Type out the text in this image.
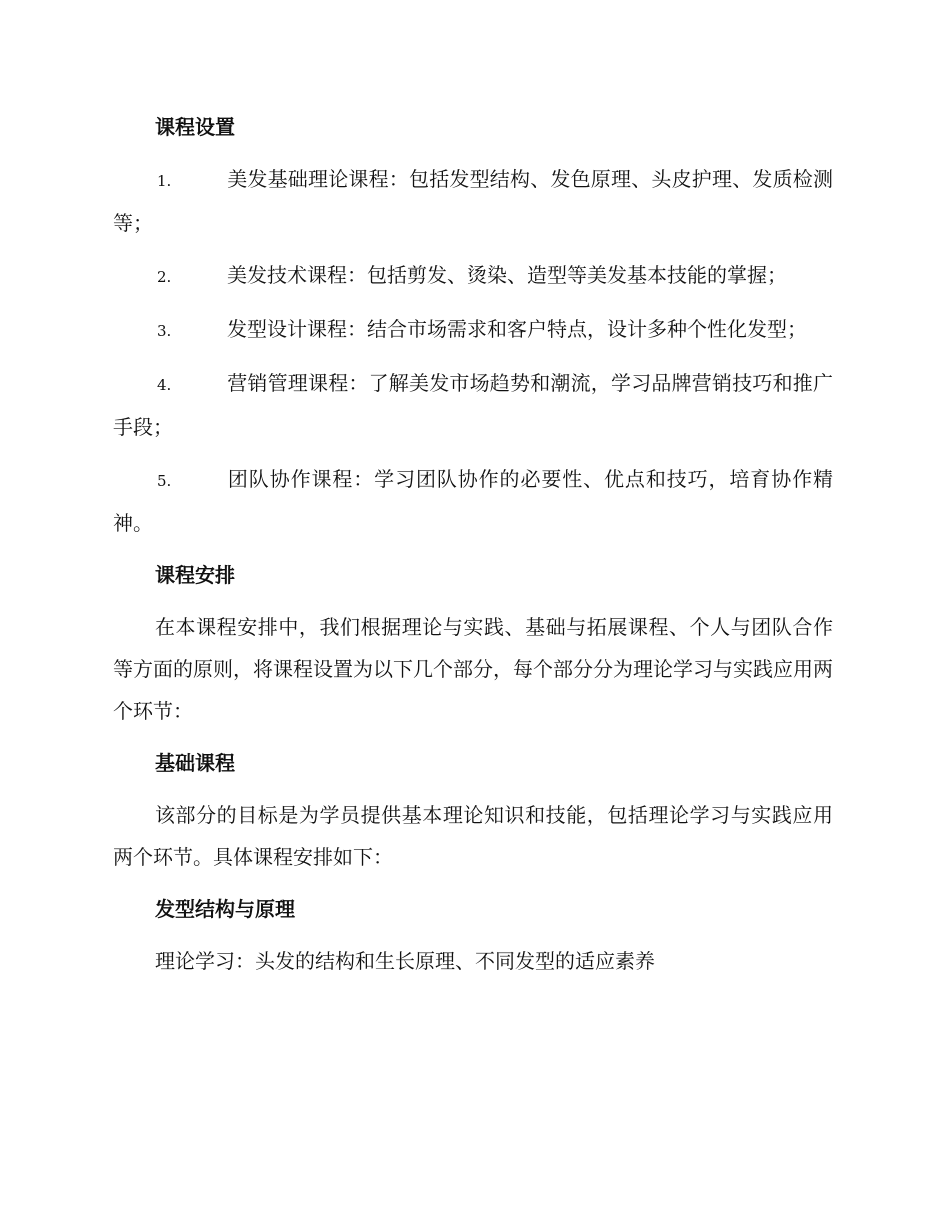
课程设置
1.	美发基础理论课程：包括发型结构、发色原理、头皮护理、发质检测等；
2.	美发技术课程：包括剪发、烫染、造型等美发基本技能的掌握；
3.	发型设计课程：结合市场需求和客户特点，设计多种个性化发型；
4.	营销管理课程：了解美发市场趋势和潮流，学习品牌营销技巧和推广手段；
5.	团队协作课程：学习团队协作的必要性、优点和技巧，培育协作精神。
课程安排
在本课程安排中，我们根据理论与实践、基础与拓展课程、个人与团队合作等方面的原则，将课程设置为以下几个部分，每个部分分为理论学习与实践应用两个环节：
基础课程
该部分的目标是为学员提供基本理论知识和技能，包括理论学习与实践应用两个环节。具体课程安排如下：
发型结构与原理
理论学习：头发的结构和生长原理、不同发型的适应素养
